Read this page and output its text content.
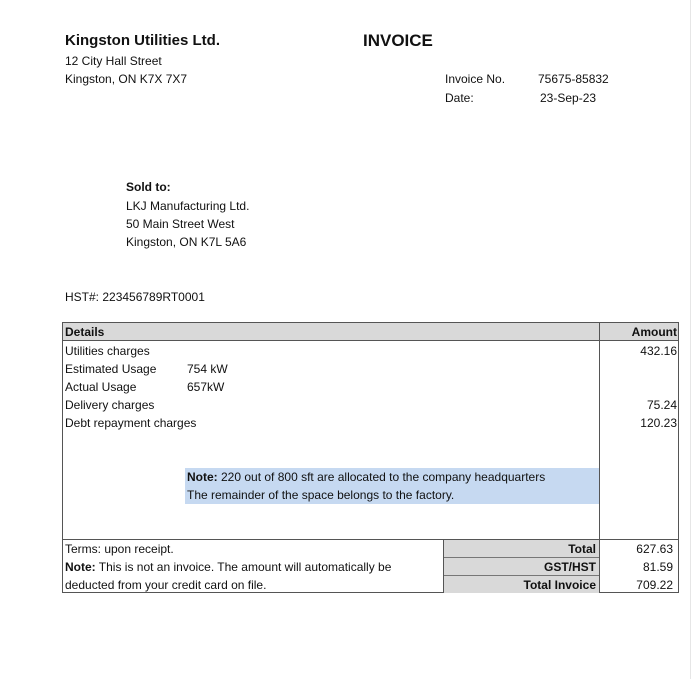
Kingston Utilities Ltd.
12 City Hall Street
Kingston, ON K7X 7X7
INVOICE
Invoice No.	75675-85832
Date:	23-Sep-23
Sold to:
LKJ Manufacturing Ltd.
50 Main Street West
Kingston, ON K7L 5A6
HST#: 223456789RT0001
Details	Amount
Utilities charges	432.16
Estimated Usage	754 kW
Actual Usage	657kW
Delivery charges	75.24
Debt repayment charges	120.23
Note: 220 out of 800 sft are allocated to the company headquarters
The remainder of the space belongs to the factory.
Terms: upon receipt.
Note: This is not an invoice. The amount will automatically be
deducted from your credit card on file.
Total	627.63
GST/HST	81.59
Total Invoice	709.22
